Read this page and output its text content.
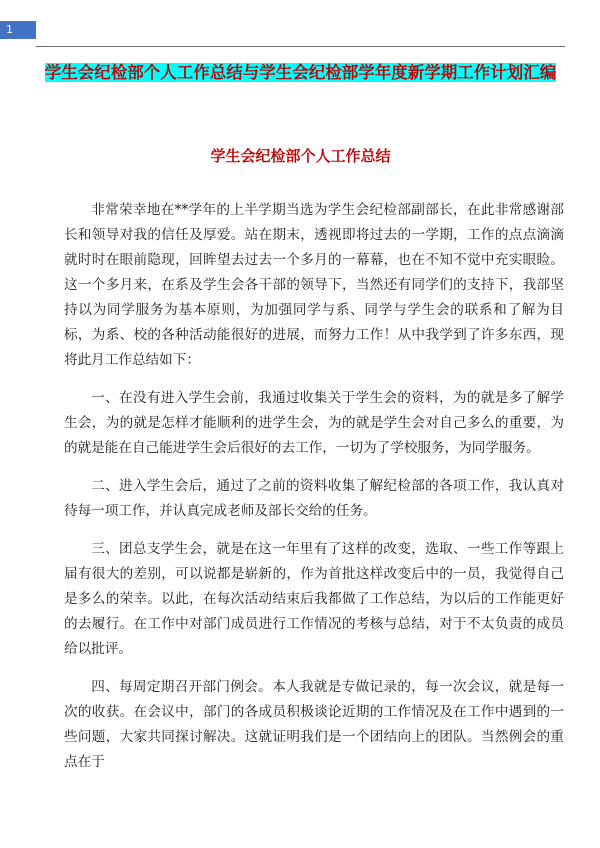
1
学生会纪检部个人工作总结与学生会纪检部学年度新学期工作计划汇编
学生会纪检部个人工作总结

非常荣幸地在**学年的上半学期当选为学生会纪检部副部长，在此非常感谢部长和领导对我的信任及厚爱。站在期末，透视即将过去的一学期，工作的点点滴滴就时时在眼前隐现，回眸望去过去一个多月的一幕幕，也在不知不觉中充实眼睑。这一个多月来，在系及学生会各干部的领导下，当然还有同学们的支持下，我部坚持以为同学服务为基本原则，为加强同学与系、同学与学生会的联系和了解为目标，为系、校的各种活动能很好的进展，而努力工作！从中我学到了许多东西，现将此月工作总结如下：

一、在没有进入学生会前，我通过收集关于学生会的资料，为的就是多了解学生会，为的就是怎样才能顺利的进学生会，为的就是学生会对自己多么的重要，为的就是能在自己能进学生会后很好的去工作，一切为了学校服务，为同学服务。

二、进入学生会后，通过了之前的资料收集了解纪检部的各项工作，我认真对待每一项工作，并认真完成老师及部长交给的任务。

三、团总支学生会，就是在这一年里有了这样的改变，选取、一些工作等跟上届有很大的差别，可以说都是崭新的，作为首批这样改变后中的一员，我觉得自己是多么的荣幸。以此，在每次活动结束后我都做了工作总结，为以后的工作能更好的去履行。在工作中对部门成员进行工作情况的考核与总结，对于不太负责的成员给以批评。

四、每周定期召开部门例会。本人我就是专做记录的，每一次会议，就是每一次的收获。在会议中，部门的各成员积极谈论近期的工作情况及在工作中遇到的一些问题，大家共同探讨解决。这就证明我们是一个团结向上的团队。当然例会的重点在于
